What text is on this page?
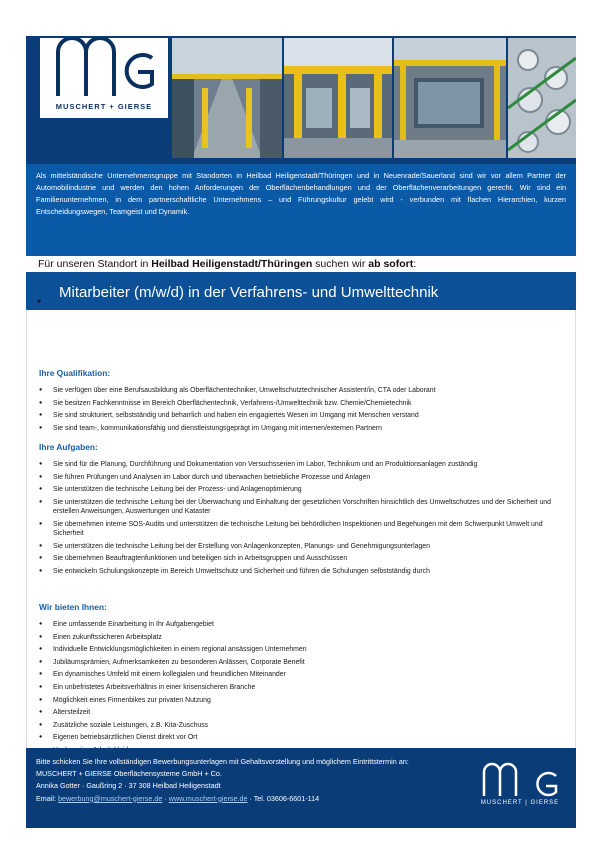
MUSCHERT + GIERSE
Als mittelständische Unternehmensgruppe mit Standorten in Heilbad Heiligenstadt/Thüringen und in Neuenrade/Sauerland sind wir vor allem Partner der Automobilindustrie und werden den hohen Anforderungen der Oberflächenbehandlungen und der Oberflächenverarbeitungen gerecht. Wir sind ein Familienunternehmen, in dem partnerschaftliche Unternehmens – und Führungskultur gelebt wird - verbunden mit flachen Hierarchien, kurzen Entscheidungswegen, Teamgeist und Dynamik.
Für unseren Standort in Heilbad Heiligenstadt/Thüringen suchen wir ab sofort:
Mitarbeiter (m/w/d) in der Verfahrens- und Umwelttechnik
●
Ihre Qualifikation:
● Sie verfügen über eine Berufsausbildung als Oberflächentechniker, Umweltschutztechnischer Assistent/in, CTA oder Laborant
● Sie besitzen Fachkenntnisse im Bereich Oberflächentechnik, Verfahrens-/Umwelttechnik bzw. Chemie/Chemietechnik
● Sie sind strukturiert, selbstständig und beharrlich und haben ein engagiertes Wesen im Umgang mit Menschen verstand
● Sie sind team-, kommunikationsfähig und dienstleistungsgeprägt im Umgang mit internen/externen Partnern
Ihre Aufgaben:
● Sie sind für die Planung, Durchführung und Dokumentation von Versuchsserien im Labor, Technikum und an Produktionsanlagen zuständig
● Sie führen Prüfungen und Analysen im Labor durch und überwachen betriebliche Prozesse und Anlagen
● Sie unterstützen die technische Leitung bei der Prozess- und Anlagenoptimierung
● Sie unterstützen die technische Leitung bei der Überwachung und Einhaltung der gesetzlichen Vorschriften hinsichtlich des Umweltschutzes und der Sicherheit und erstellen Anweisungen, Auswertungen und Kataster
● Sie übernehmen interne SOS-Audits und unterstützen die technische Leitung bei behördlichen Inspektionen und Begehungen mit dem Schwerpunkt Umwelt und Sicherheit
● Sie unterstützen die technische Leitung bei der Erstellung von Anlagenkonzepten, Planungs- und Genehmigungsunterlagen
● Sie übernehmen Beauftragtenfunktionen und beteiligen sich in Arbeitsgruppen und Ausschüssen
● Sie entwickeln Schulungskonzepte im Bereich Umweltschutz und Sicherheit und führen die Schulungen selbstständig durch
Wir bieten Ihnen:
● Eine umfassende Einarbeitung in Ihr Aufgabengebiet
● Einen zukunftssicheren Arbeitsplatz
● Individuelle Entwicklungsmöglichkeiten in einem regional ansässigen Unternehmen
● Jubiläumsprämien, Aufmerksamkeiten zu besonderen Anlässen, Corporate Benefit
● Ein dynamisches Umfeld mit einem kollegialen und freundlichen Miteinander
● Ein unbefristetes Arbeitsverhältnis in einer krisensicheren Branche
● Möglichkeit eines Firmenbikes zur privaten Nutzung
● Altersteilzeit
● Zusätzliche soziale Leistungen, z.B. Kita-Zuschuss
● Eigenen betriebsärztlichen Dienst direkt vor Ort
●
Bitte schicken Sie Ihre vollständigen Bewerbungsunterlagen mit Gehaltsvorstellung und möglichem Eintrittstermin an:
MUSCHERT + GIERSE Oberflächensysteme GmbH + Co.
Annika Gotter · Gaußring 2 · 37 308 Heilbad Heiligenstadt
Email: bewerbung@muschert-gierse.de · www.muschert-gierse.de · Tel. 03606-6601-114
MUSCHERT | GIERSE
